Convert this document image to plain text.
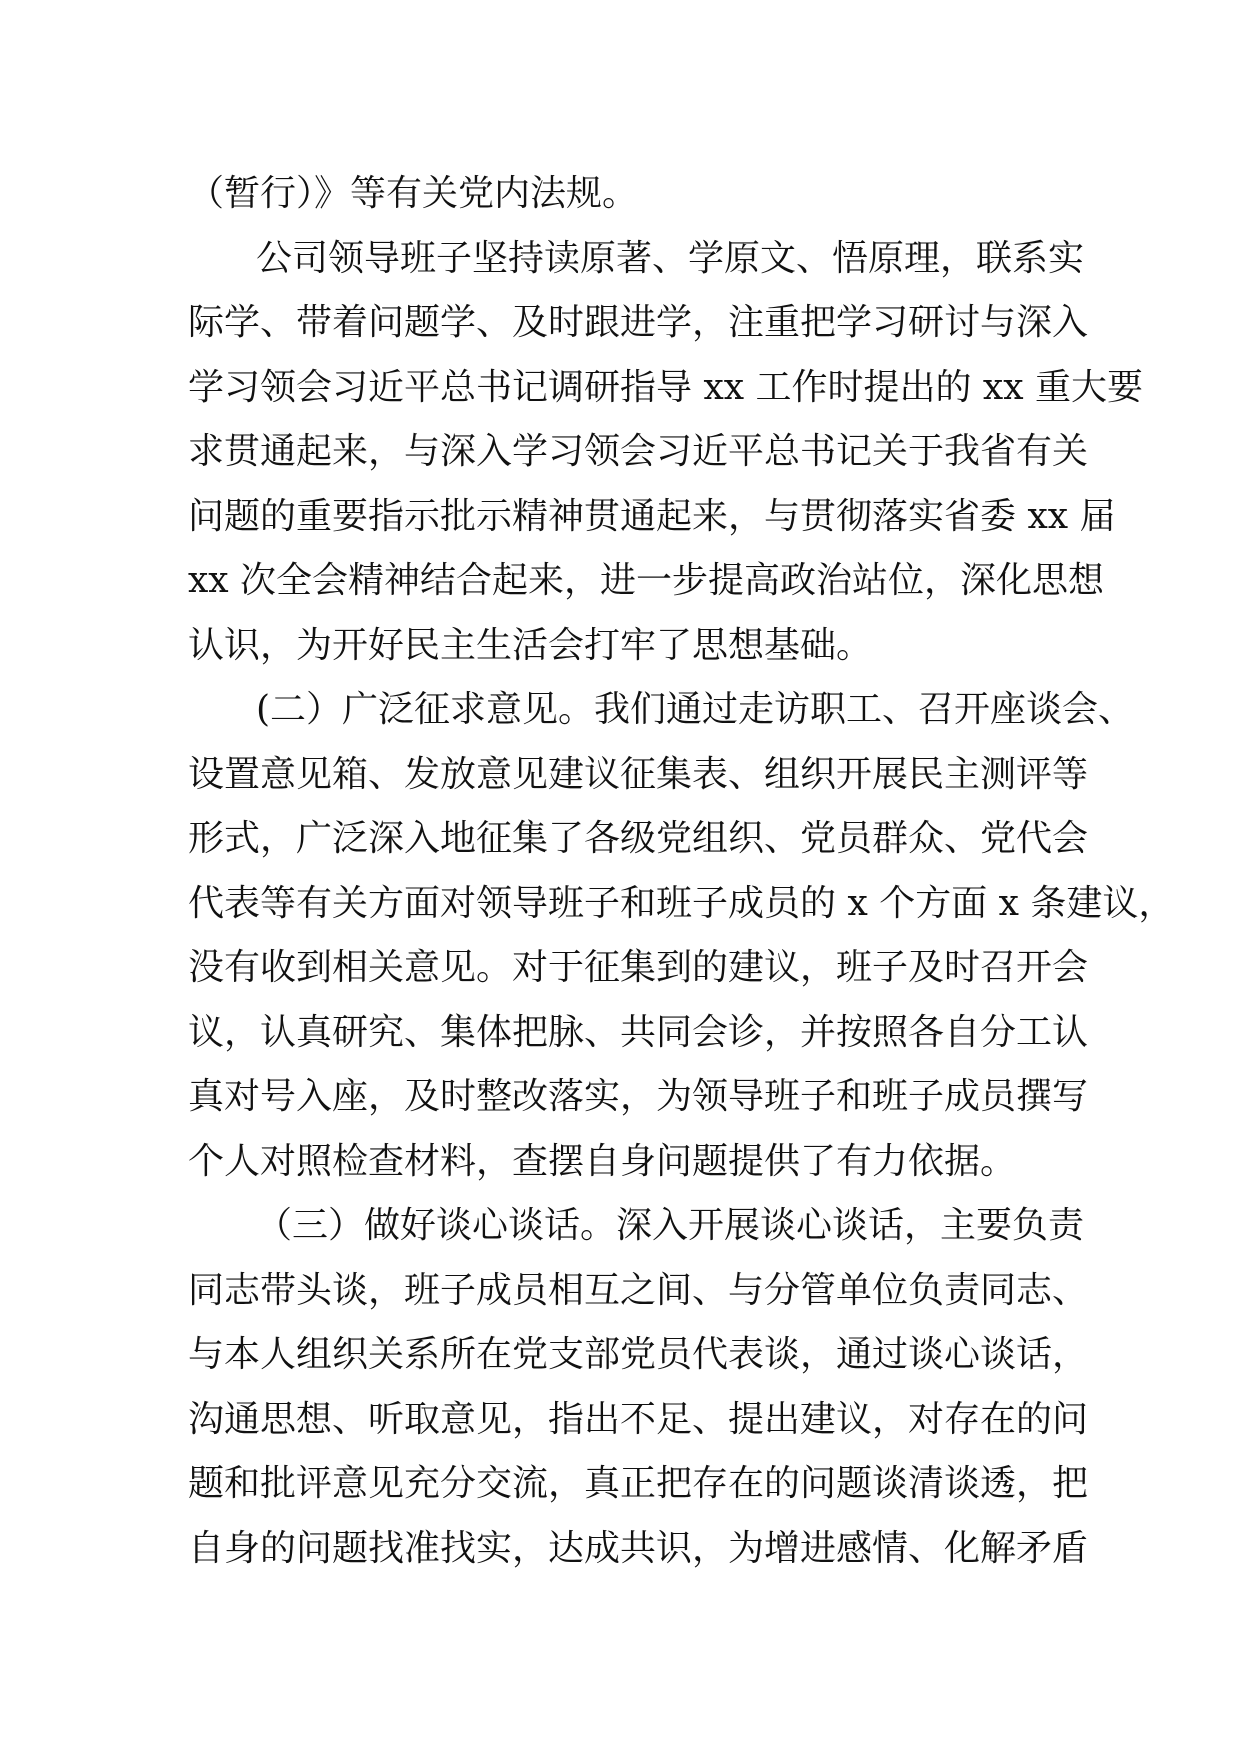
（暂行）》等有关党内法规。
公司领导班子坚持读原著、学原文、悟原理，联系实
际学、带着问题学、及时跟进学，注重把学习研讨与深入
学习领会习近平总书记调研指导 xx 工作时提出的 xx 重大要
求贯通起来，与深入学习领会习近平总书记关于我省有关
问题的重要指示批示精神贯通起来，与贯彻落实省委 xx 届
xx 次全会精神结合起来，进一步提高政治站位，深化思想
认识，为开好民主生活会打牢了思想基础。
(二）广泛征求意见。我们通过走访职工、召开座谈会、
设置意见箱、发放意见建议征集表、组织开展民主测评等
形式，广泛深入地征集了各级党组织、党员群众、党代会
代表等有关方面对领导班子和班子成员的 x 个方面 x 条建议，
没有收到相关意见。对于征集到的建议，班子及时召开会
议，认真研究、集体把脉、共同会诊，并按照各自分工认
真对号入座，及时整改落实，为领导班子和班子成员撰写
个人对照检查材料，查摆自身问题提供了有力依据。
（三）做好谈心谈话。深入开展谈心谈话，主要负责
同志带头谈，班子成员相互之间、与分管单位负责同志、
与本人组织关系所在党支部党员代表谈，通过谈心谈话，
沟通思想、听取意见，指出不足、提出建议，对存在的问
题和批评意见充分交流，真正把存在的问题谈清谈透，把
自身的问题找准找实，达成共识，为增进感情、化解矛盾
